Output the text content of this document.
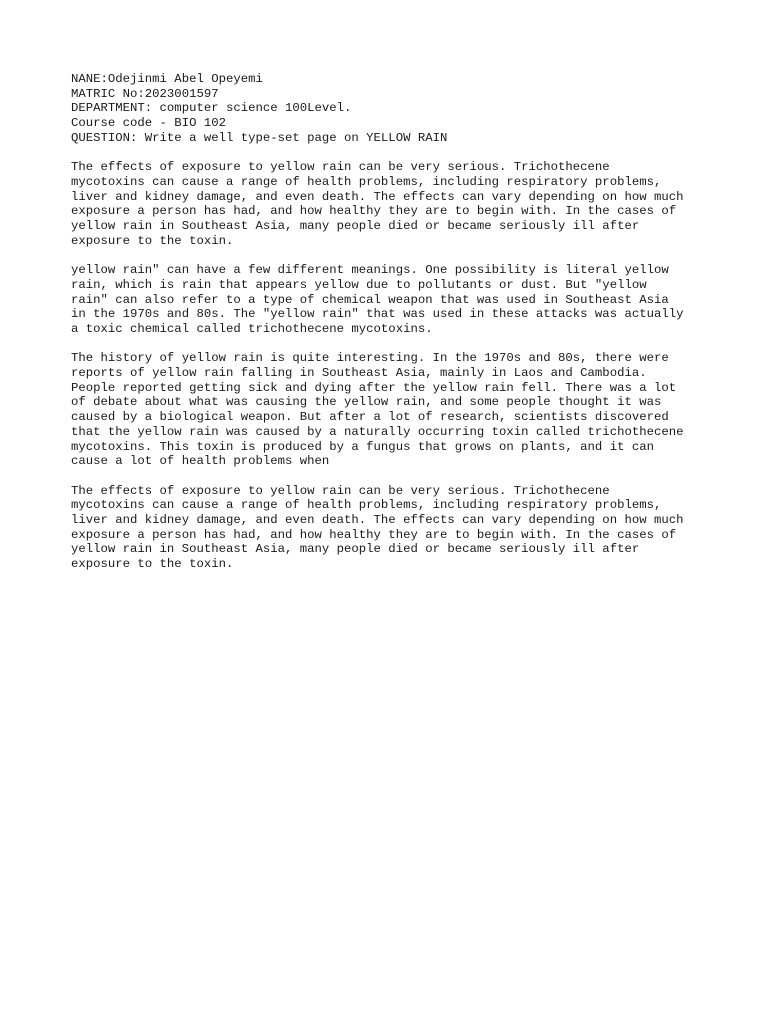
NANE:Odejinmi Abel Opeyemi
MATRIC No:2023001597
DEPARTMENT: computer science 100Level.
Course code - BIO 102
QUESTION: Write a well type-set page on YELLOW RAIN
The effects of exposure to yellow rain can be very serious. Trichothecene
mycotoxins can cause a range of health problems, including respiratory problems,
liver and kidney damage, and even death. The effects can vary depending on how much
exposure a person has had, and how healthy they are to begin with. In the cases of
yellow rain in Southeast Asia, many people died or became seriously ill after
exposure to the toxin.
yellow rain" can have a few different meanings. One possibility is literal yellow
rain, which is rain that appears yellow due to pollutants or dust. But "yellow
rain" can also refer to a type of chemical weapon that was used in Southeast Asia
in the 1970s and 80s. The "yellow rain" that was used in these attacks was actually
a toxic chemical called trichothecene mycotoxins.
The history of yellow rain is quite interesting. In the 1970s and 80s, there were
reports of yellow rain falling in Southeast Asia, mainly in Laos and Cambodia.
People reported getting sick and dying after the yellow rain fell. There was a lot
of debate about what was causing the yellow rain, and some people thought it was
caused by a biological weapon. But after a lot of research, scientists discovered
that the yellow rain was caused by a naturally occurring toxin called trichothecene
mycotoxins. This toxin is produced by a fungus that grows on plants, and it can
cause a lot of health problems when
The effects of exposure to yellow rain can be very serious. Trichothecene
mycotoxins can cause a range of health problems, including respiratory problems,
liver and kidney damage, and even death. The effects can vary depending on how much
exposure a person has had, and how healthy they are to begin with. In the cases of
yellow rain in Southeast Asia, many people died or became seriously ill after
exposure to the toxin.
